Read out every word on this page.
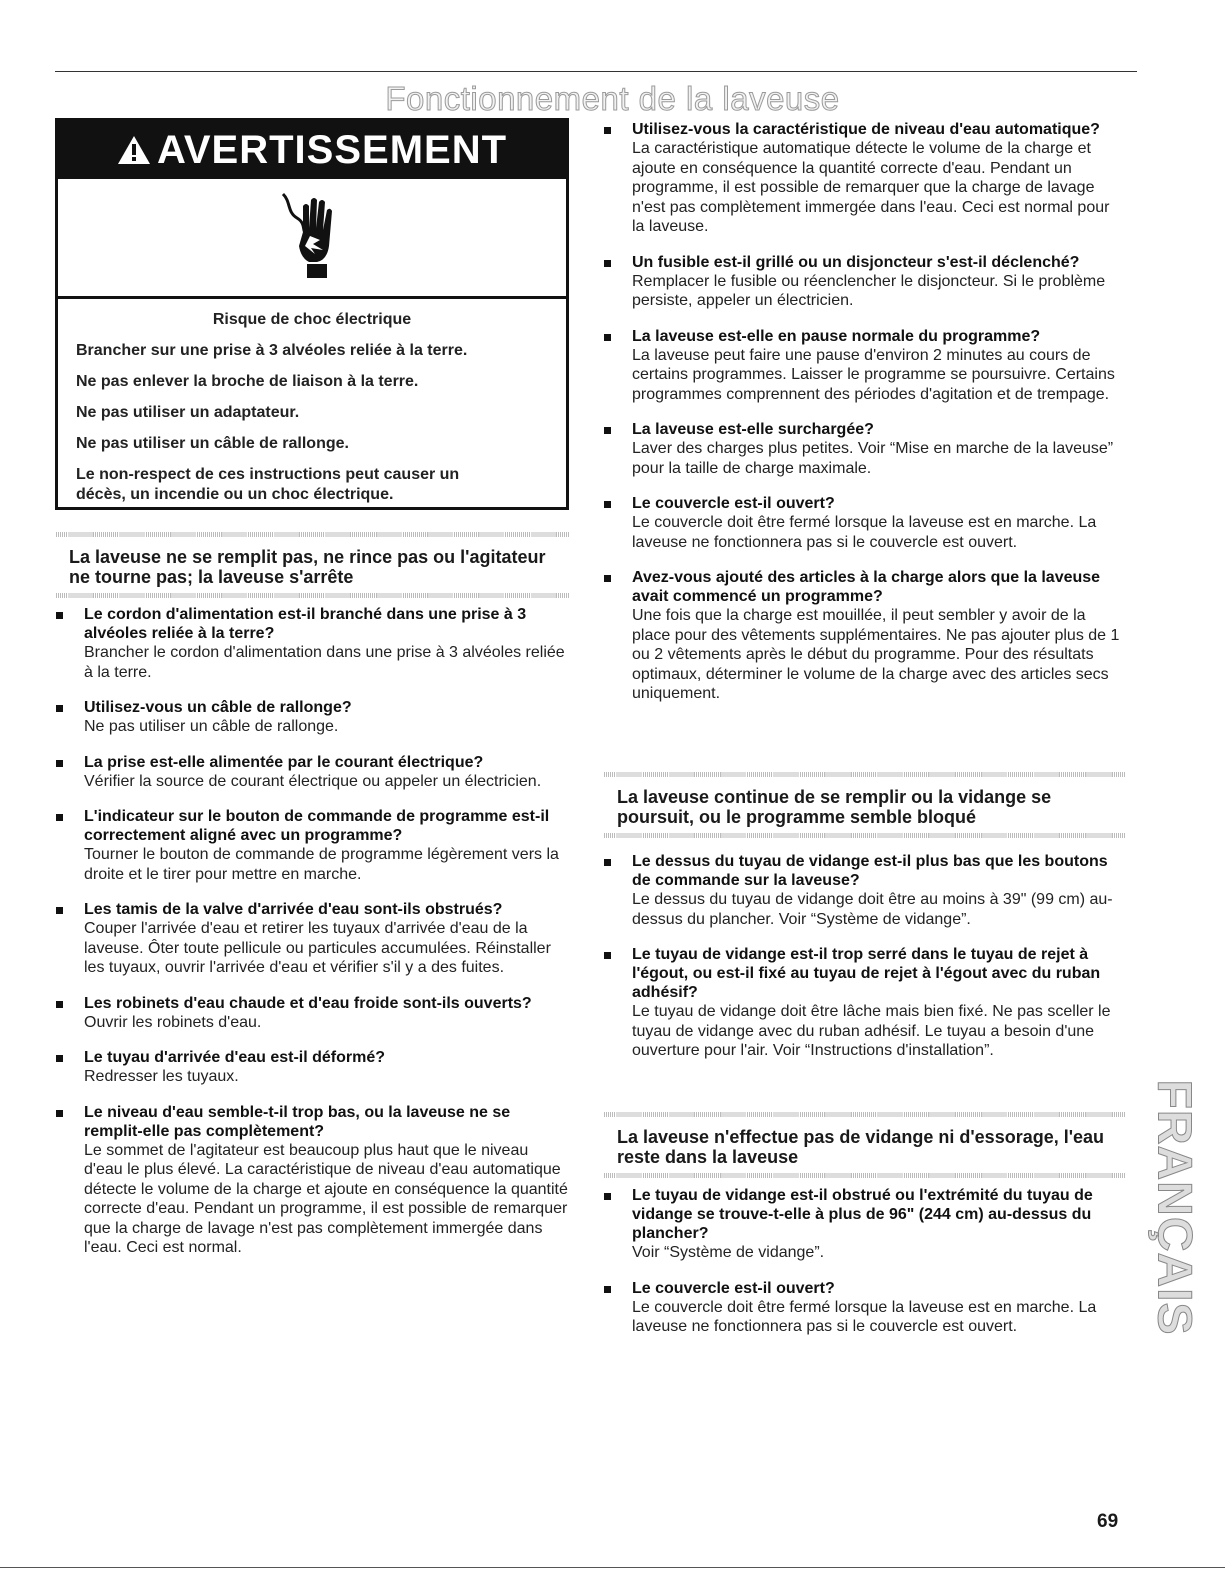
Fonctionnement de la laveuse
AVERTISSEMENT
Risque de choc électrique
Brancher sur une prise à 3 alvéoles reliée à la terre.
Ne pas enlever la broche de liaison à la terre.
Ne pas utiliser un adaptateur.
Ne pas utiliser un câble de rallonge.
Le non-respect de ces instructions peut causer un décès, un incendie ou un choc électrique.
La laveuse ne se remplit pas, ne rince pas ou l'agitateur ne tourne pas; la laveuse s'arrête
Le cordon d'alimentation est-il branché dans une prise à 3 alvéoles reliée à la terre?
Brancher le cordon d'alimentation dans une prise à 3 alvéoles reliée à la terre.
Utilisez-vous un câble de rallonge?
Ne pas utiliser un câble de rallonge.
La prise est-elle alimentée par le courant électrique?
Vérifier la source de courant électrique ou appeler un électricien.
L'indicateur sur le bouton de commande de programme est-il correctement aligné avec un programme?
Tourner le bouton de commande de programme légèrement vers la droite et le tirer pour mettre en marche.
Les tamis de la valve d'arrivée d'eau sont-ils obstrués?
Couper l'arrivée d'eau et retirer les tuyaux d'arrivée d'eau de la laveuse. Ôter toute pellicule ou particules accumulées. Réinstaller les tuyaux, ouvrir l'arrivée d'eau et vérifier s'il y a des fuites.
Les robinets d'eau chaude et d'eau froide sont-ils ouverts?
Ouvrir les robinets d'eau.
Le tuyau d'arrivée d'eau est-il déformé?
Redresser les tuyaux.
Le niveau d'eau semble-t-il trop bas, ou la laveuse ne se remplit-elle pas complètement?
Le sommet de l'agitateur est beaucoup plus haut que le niveau d'eau le plus élevé. La caractéristique de niveau d'eau automatique détecte le volume de la charge et ajoute en conséquence la quantité correcte d'eau. Pendant un programme, il est possible de remarquer que la charge de lavage n'est pas complètement immergée dans l'eau. Ceci est normal.
Utilisez-vous la caractéristique de niveau d'eau automatique?
La caractéristique automatique détecte le volume de la charge et ajoute en conséquence la quantité correcte d'eau. Pendant un programme, il est possible de remarquer que la charge de lavage n'est pas complètement immergée dans l'eau. Ceci est normal pour la laveuse.
Un fusible est-il grillé ou un disjoncteur s'est-il déclenché?
Remplacer le fusible ou réenclencher le disjoncteur. Si le problème persiste, appeler un électricien.
La laveuse est-elle en pause normale du programme?
La laveuse peut faire une pause d'environ 2 minutes au cours de certains programmes. Laisser le programme se poursuivre. Certains programmes comprennent des périodes d'agitation et de trempage.
La laveuse est-elle surchargée?
Laver des charges plus petites. Voir “Mise en marche de la laveuse” pour la taille de charge maximale.
Le couvercle est-il ouvert?
Le couvercle doit être fermé lorsque la laveuse est en marche. La laveuse ne fonctionnera pas si le couvercle est ouvert.
Avez-vous ajouté des articles à la charge alors que la laveuse avait commencé un programme?
Une fois que la charge est mouillée, il peut sembler y avoir de la place pour des vêtements supplémentaires. Ne pas ajouter plus de 1 ou 2 vêtements après le début du programme. Pour des résultats optimaux, déterminer le volume de la charge avec des articles secs uniquement.
La laveuse continue de se remplir ou la vidange se poursuit, ou le programme semble bloqué
Le dessus du tuyau de vidange est-il plus bas que les boutons de commande sur la laveuse?
Le dessus du tuyau de vidange doit être au moins à 39" (99 cm) au-dessus du plancher. Voir “Système de vidange”.
Le tuyau de vidange est-il trop serré dans le tuyau de rejet à l'égout, ou est-il fixé au tuyau de rejet à l'égout avec du ruban adhésif?
Le tuyau de vidange doit être lâche mais bien fixé. Ne pas sceller le tuyau de vidange avec du ruban adhésif. Le tuyau a besoin d'une ouverture pour l'air. Voir “Instructions d'installation”.
La laveuse n'effectue pas de vidange ni d'essorage, l'eau reste dans la laveuse
Le tuyau de vidange est-il obstrué ou l'extrémité du tuyau de vidange se trouve-t-elle à plus de 96" (244 cm) au-dessus du plancher?
Voir “Système de vidange”.
Le couvercle est-il ouvert?
Le couvercle doit être fermé lorsque la laveuse est en marche. La laveuse ne fonctionnera pas si le couvercle est ouvert.	FRANÇAIS
69
